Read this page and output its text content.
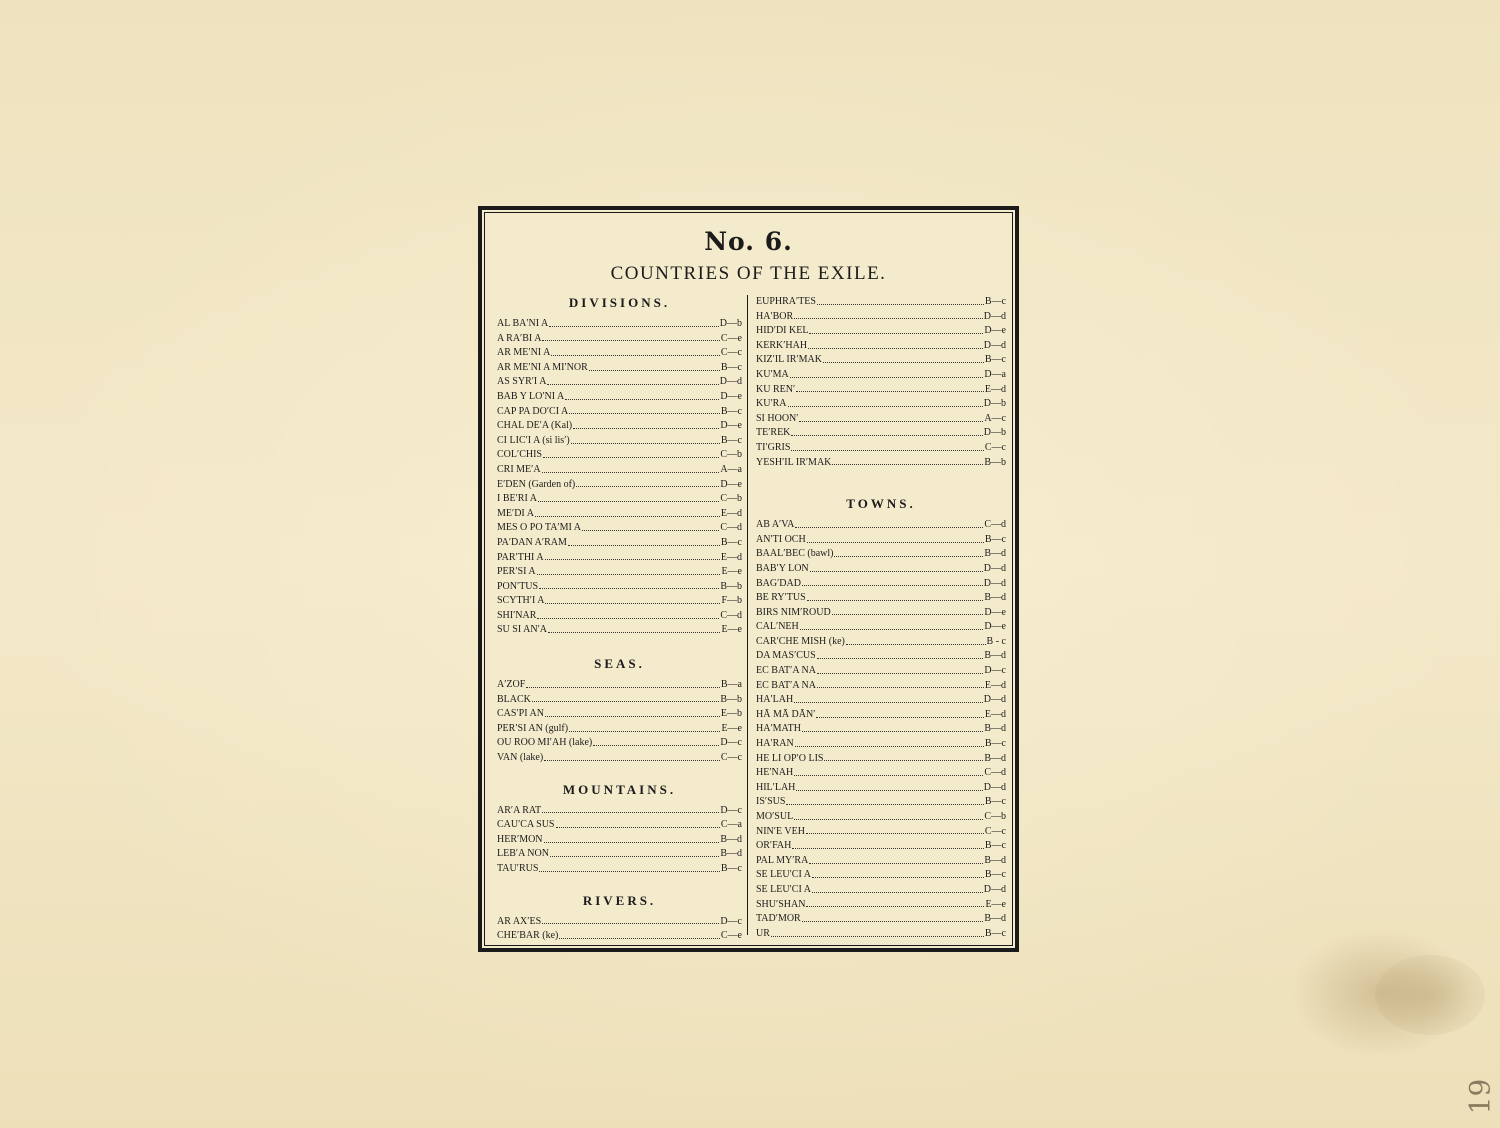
19
No. 6.
COUNTRIES OF THE EXILE.
DIVISIONS.
AL BA′NI A	D—b
A RA′BI A	C—e
AR ME′NI A	C—c
AR ME′NI A MI′NOR	B—c
AS SYR′I A	D—d
BAB Y LO′NI A	D—e
CAP PA DO′CI A	B—c
CHAL DE′A (Kal)	D—e
CI LIC′I A (si lis′)	B—c
COL′CHIS	C—b
CRI ME′A	A—a
E′DEN (Garden of)	D—e
I BE′RI A	C—b
ME′DI A	E—d
MES O PO TA′MI A	C—d
PA′DAN A′RAM	B—c
PAR′THI A	E—d
PER′SI A	E—e
PON′TUS	B—b
SCYTH′I A	F—b
SHI′NAR	C—d
SU SI AN′A	E—e
SEAS.
A′ZOF	B—a
BLACK	B—b
CAS′PI AN	E—b
PER′SI AN (gulf)	E—e
OU ROO MI′AH (lake)	D—c
VAN (lake)	C—c
MOUNTAINS.
AR′A RAT	D—c
CAU′CA SUS	C—a
HER′MON	B—d
LEB′A NON	B—d
TAU′RUS	B—c
RIVERS.
AR AX′ES	D—c
CHE′BAR (ke)	C—e
EUPHRA′TES	B—c
HA′BOR	D—d
HID′DI KEL	D—e
KERK′HAH	D—d
KIZ′IL IR′MAK	B—c
KU′MA	D—a
KU REN′	E—d
KU′RA	D—b
SI HOON′	A—c
TE′REK	D—b
TI′GRIS	C—c
YESH′IL IR′MAK	B—b
TOWNS.
AB A′VA	C—d
AN′TI OCH	B—c
BAAL′BEC (bawl)	B—d
BAB′Y LON	D—d
BAG′DAD	D—d
BE RY′TUS	B—d
BIRS NIM′ROUD	D—e
CAL′NEH	D—e
CAR′CHE MISH (ke)	B - c
DA MAS′CUS	B—d
EC BAT′A NA	D—c
EC BAT′A NA	E—d
HA′LAH	D—d
HĀ MĀ DĀN′	E—d
HA′MATH	B—d
HA′RAN	B—c
HE LI OP′O LIS	B—d
HE′NAH	C—d
HIL′LAH	D—d
IS′SUS	B—c
MO′SUL	C—b
NIN′E VEH	C—c
OR′FAH	B—c
PAL MY′RA	B—d
SE LEU′CI A	B—c
SE LEU′CI A	D—d
SHU′SHAN	E—e
TAD′MOR	B—d
UR	B—c
